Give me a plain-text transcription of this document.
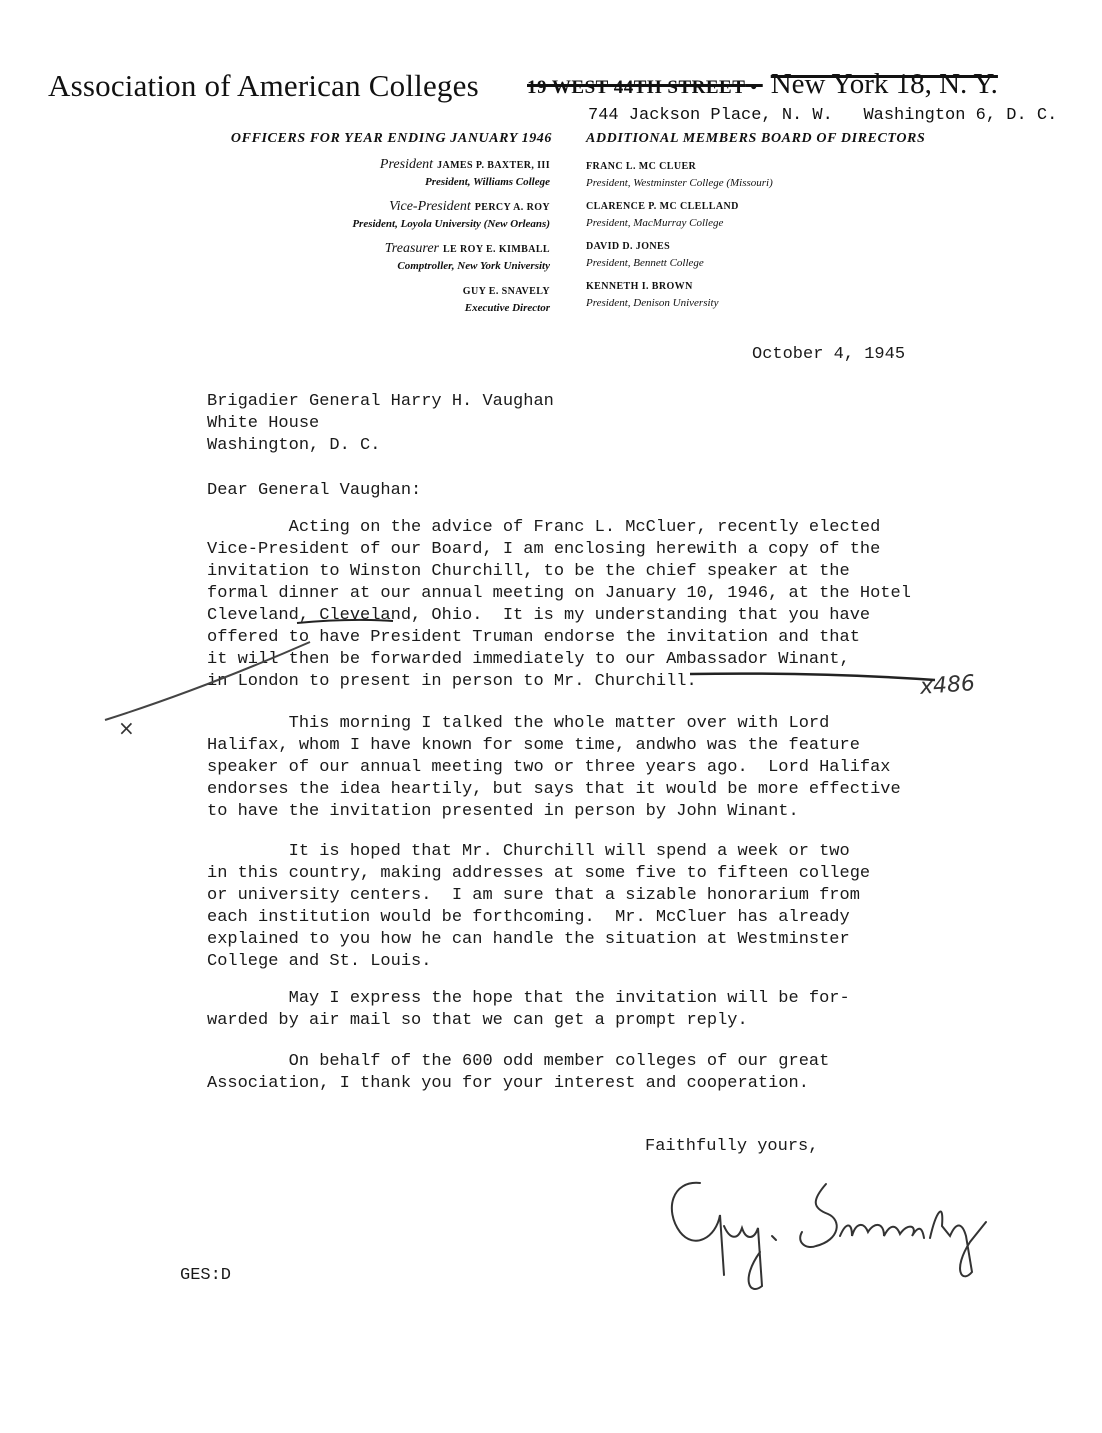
Association of American Colleges	19 WEST 44TH STREET • New York 18, N. Y.
744 Jackson Place, N. W.   Washington 6, D. C.
OFFICERS FOR YEAR ENDING JANUARY 1946
President JAMES P. BAXTER, III
President, Williams College
Vice-President PERCY A. ROY
President, Loyola University (New Orleans)
Treasurer LE ROY E. KIMBALL
Comptroller, New York University
GUY E. SNAVELY
Executive Director
ADDITIONAL MEMBERS BOARD OF DIRECTORS
FRANC L. MC CLUER
President, Westminster College (Missouri)
CLARENCE P. MC CLELLAND
President, MacMurray College
DAVID D. JONES
President, Bennett College
KENNETH I. BROWN
President, Denison University
October 4, 1945
Brigadier General Harry H. Vaughan
White House
Washington, D. C.
Dear General Vaughan:
Acting on the advice of Franc L. McCluer, recently elected
Vice-President of our Board, I am enclosing herewith a copy of the
invitation to Winston Churchill, to be the chief speaker at the
formal dinner at our annual meeting on January 10, 1946, at the Hotel
Cleveland, Cleveland, Ohio.  It is my understanding that you have
offered to have President Truman endorse the invitation and that
it will then be forwarded immediately to our Ambassador Winant,
in London to present in person to Mr. Churchill.
This morning I talked the whole matter over with Lord
Halifax, whom I have known for some time, andwho was the feature
speaker of our annual meeting two or three years ago.  Lord Halifax
endorses the idea heartily, but says that it would be more effective
to have the invitation presented in person by John Winant.
It is hoped that Mr. Churchill will spend a week or two
in this country, making addresses at some five to fifteen college
or university centers.  I am sure that a sizable honorarium from
each institution would be forthcoming.  Mr. McCluer has already
explained to you how he can handle the situation at Westminster
College and St. Louis.
May I express the hope that the invitation will be for-
warded by air mail so that we can get a prompt reply.
On behalf of the 600 odd member colleges of our great
Association, I thank you for your interest and cooperation.
Faithfully yours,
GES:D
x486
×
